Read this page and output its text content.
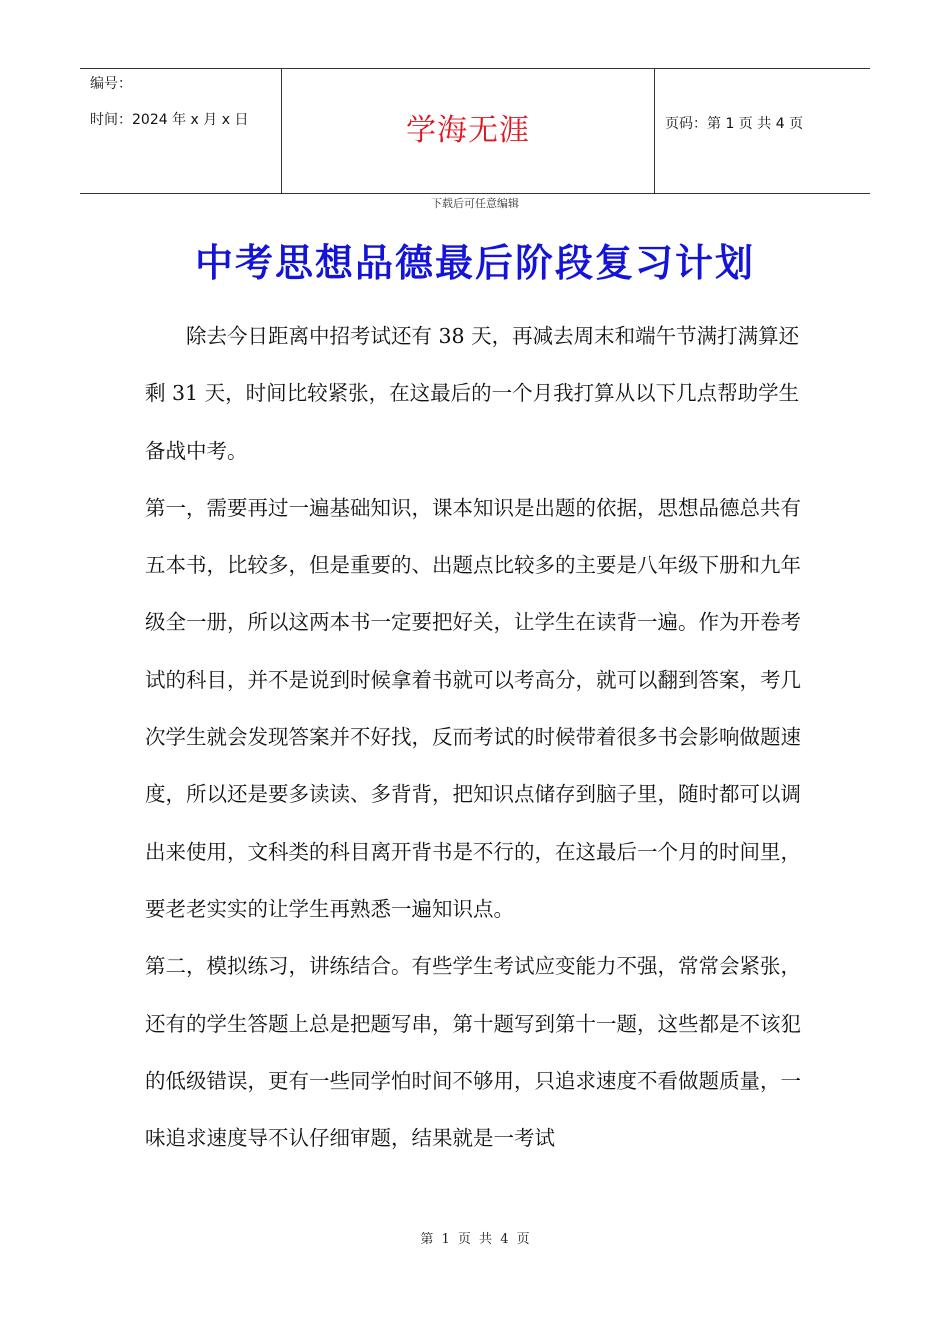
编号：
时间：2024 年 x 月 x 日	学海无涯	页码：第 1 页 共 4 页
下载后可任意编辑
中考思想品德最后阶段复习计划

除去今日距离中招考试还有 38 天，再减去周末和端午节满打满算还剩 31 天，时间比较紧张，在这最后的一个月我打算从以下几点帮助学生备战中考。

第一，需要再过一遍基础知识，课本知识是出题的依据，思想品德总共有五本书，比较多，但是重要的、出题点比较多的主要是八年级下册和九年级全一册，所以这两本书一定要把好关，让学生在读背一遍。作为开卷考试的科目，并不是说到时候拿着书就可以考高分，就可以翻到答案，考几次学生就会发现答案并不好找，反而考试的时候带着很多书会影响做题速度，所以还是要多读读、多背背，把知识点储存到脑子里，随时都可以调出来使用，文科类的科目离开背书是不行的，在这最后一个月的时间里，要老老实实的让学生再熟悉一遍知识点。

第二，模拟练习，讲练结合。有些学生考试应变能力不强，常常会紧张，还有的学生答题上总是把题写串，第十题写到第十一题，这些都是不该犯的低级错误，更有一些同学怕时间不够用，只追求速度不看做题质量，一味追求速度导不认仔细审题，结果就是一考试

第 1 页 共 4 页
